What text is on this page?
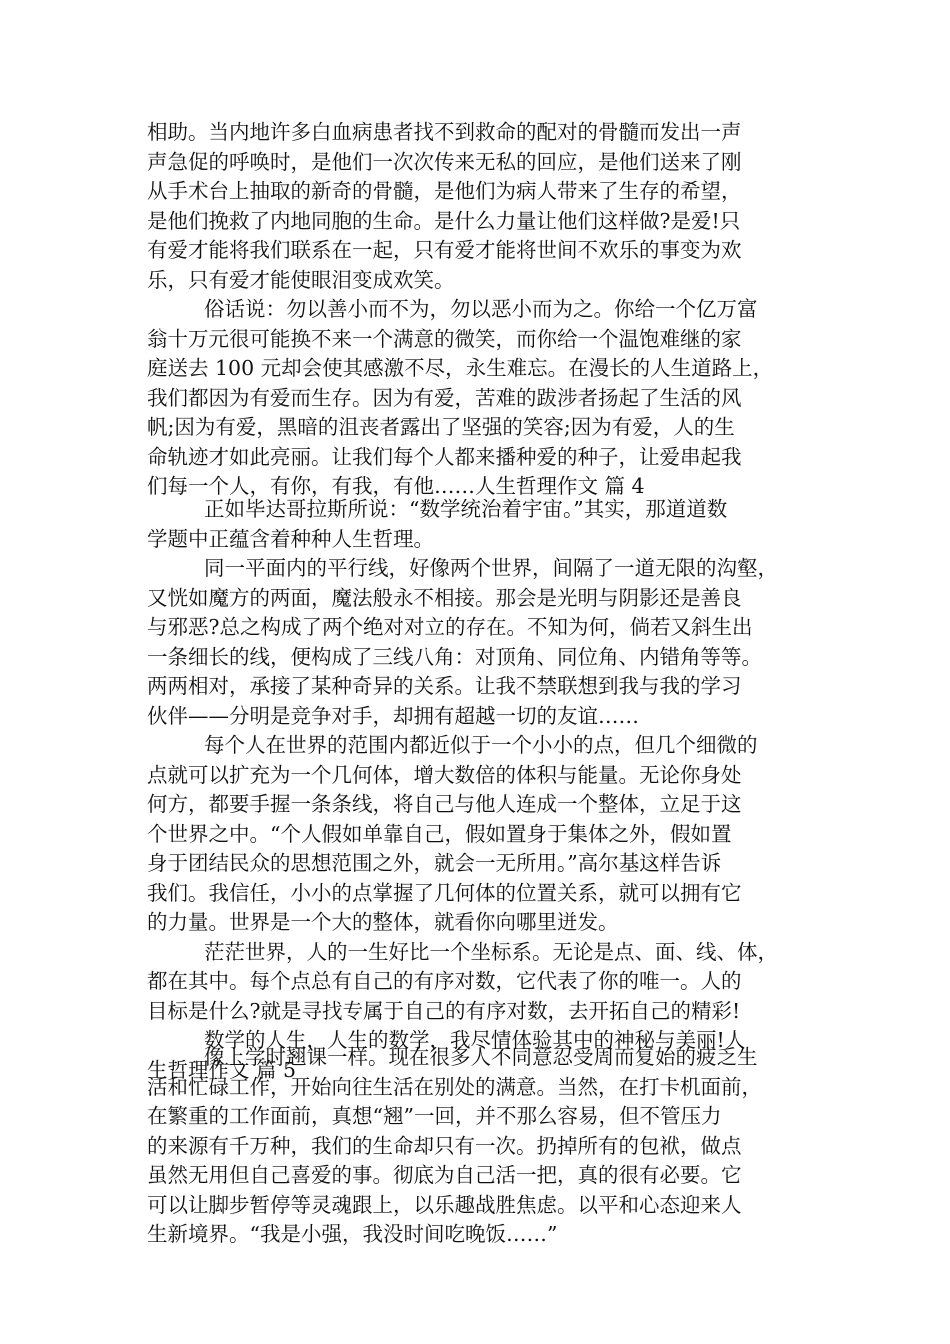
相助。当内地许多白血病患者找不到救命的配对的骨髓而发出一声
声急促的呼唤时，是他们一次次传来无私的回应，是他们送来了刚
从手术台上抽取的新奇的骨髓，是他们为病人带来了生存的希望，
是他们挽救了内地同胞的生命。是什么力量让他们这样做?是爱!只
有爱才能将我们联系在一起，只有爱才能将世间不欢乐的事变为欢
乐，只有爱才能使眼泪变成欢笑。
俗话说：勿以善小而不为，勿以恶小而为之。你给一个亿万富
翁十万元很可能换不来一个满意的微笑，而你给一个温饱难继的家
庭送去 100 元却会使其感激不尽，永生难忘。在漫长的人生道路上，
我们都因为有爱而生存。因为有爱，苦难的跋涉者扬起了生活的风
帆;因为有爱，黑暗的沮丧者露出了坚强的笑容;因为有爱，人的生
命轨迹才如此亮丽。让我们每个人都来播种爱的种子，让爱串起我
们每一个人，有你，有我，有他……人生哲理作文 篇 4
正如毕达哥拉斯所说：“数学统治着宇宙。”其实，那道道数
学题中正蕴含着种种人生哲理。
同一平面内的平行线，好像两个世界，间隔了一道无限的沟壑，
又恍如魔方的两面，魔法般永不相接。那会是光明与阴影还是善良
与邪恶?总之构成了两个绝对对立的存在。不知为何，倘若又斜生出
一条细长的线，便构成了三线八角：对顶角、同位角、内错角等等。
两两相对，承接了某种奇异的关系。让我不禁联想到我与我的学习
伙伴——分明是竞争对手，却拥有超越一切的友谊……
每个人在世界的范围内都近似于一个小小的点，但几个细微的
点就可以扩充为一个几何体，增大数倍的体积与能量。无论你身处
何方，都要手握一条条线，将自己与他人连成一个整体，立足于这
个世界之中。“个人假如单靠自己，假如置身于集体之外，假如置
身于团结民众的思想范围之外，就会一无所用。”高尔基这样告诉
我们。我信任，小小的点掌握了几何体的位置关系，就可以拥有它
的力量。世界是一个大的整体，就看你向哪里迸发。
茫茫世界，人的一生好比一个坐标系。无论是点、面、线、体，
都在其中。每个点总有自己的有序对数，它代表了你的唯一。人的
目标是什么?就是寻找专属于自己的有序对数，去开拓自己的精彩!
数学的人生，人生的数学，我尽情体验其中的神秘与美丽!人
生哲理作文 篇 5
像上学时翘课一样。现在很多人不同意忍受周而复始的疲乏生
活和忙碌工作，开始向往生活在别处的满意。当然，在打卡机面前，
在繁重的工作面前，真想“翘”一回，并不那么容易，但不管压力
的来源有千万种，我们的生命却只有一次。扔掉所有的包袱，做点
虽然无用但自己喜爱的事。彻底为自己活一把，真的很有必要。它
可以让脚步暂停等灵魂跟上，以乐趣战胜焦虑。以平和心态迎来人
生新境界。“我是小强，我没时间吃晚饭……”
